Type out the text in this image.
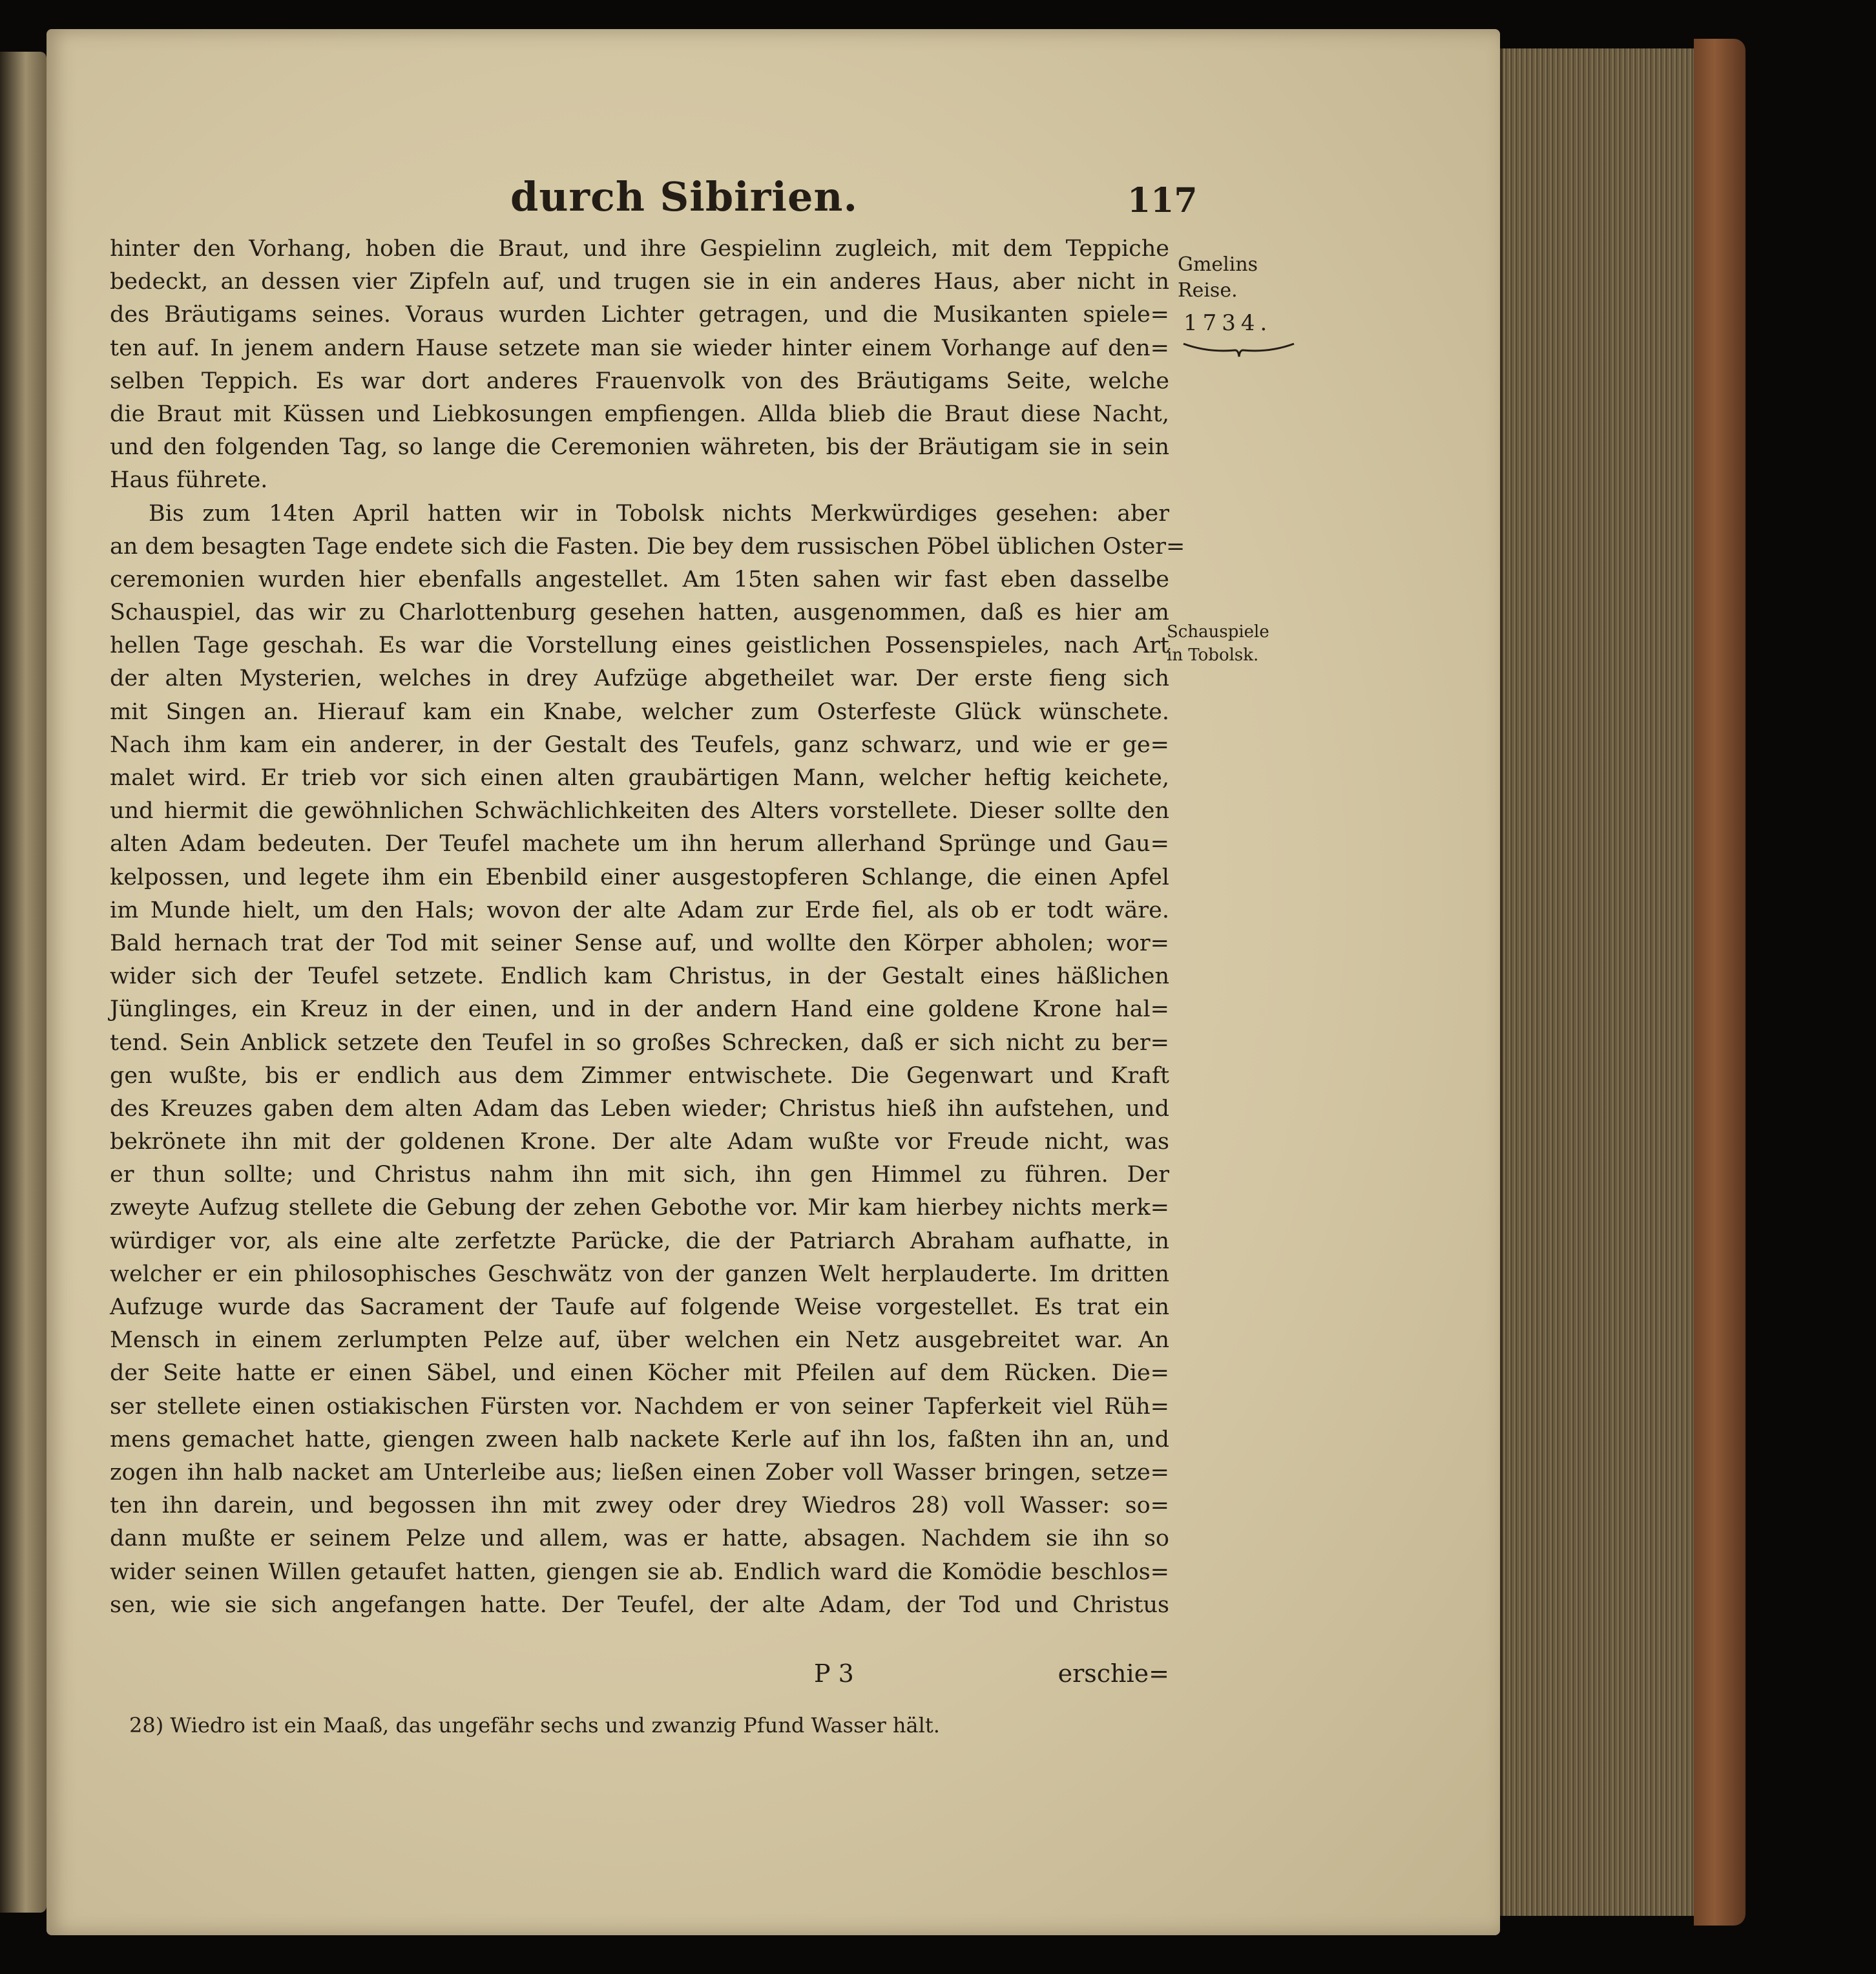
durch Sibirien.	117
Gmelins
Reise.
1734.
Schauspiele
in Tobolsk.
hinter den Vorhang, hoben die Braut, und ihre Gespielinn zugleich, mit dem Teppiche
bedeckt, an dessen vier Zipfeln auf, und trugen sie in ein anderes Haus, aber nicht in
des Bräutigams seines. Voraus wurden Lichter getragen, und die Musikanten spiele=
ten auf. In jenem andern Hause setzete man sie wieder hinter einem Vorhange auf den=
selben Teppich. Es war dort anderes Frauenvolk von des Bräutigams Seite, welche
die Braut mit Küssen und Liebkosungen empfiengen. Allda blieb die Braut diese Nacht,
und den folgenden Tag, so lange die Ceremonien währeten, bis der Bräutigam sie in sein
Haus führete.
Bis zum 14ten April hatten wir in Tobolsk nichts Merkwürdiges gesehen: aber
an dem besagten Tage endete sich die Fasten. Die bey dem russischen Pöbel üblichen Oster=
ceremonien wurden hier ebenfalls angestellet. Am 15ten sahen wir fast eben dasselbe
Schauspiel, das wir zu Charlottenburg gesehen hatten, ausgenommen, daß es hier am
hellen Tage geschah. Es war die Vorstellung eines geistlichen Possenspieles, nach Art
der alten Mysterien, welches in drey Aufzüge abgetheilet war. Der erste fieng sich
mit Singen an. Hierauf kam ein Knabe, welcher zum Osterfeste Glück wünschete.
Nach ihm kam ein anderer, in der Gestalt des Teufels, ganz schwarz, und wie er ge=
malet wird. Er trieb vor sich einen alten graubärtigen Mann, welcher heftig keichete,
und hiermit die gewöhnlichen Schwächlichkeiten des Alters vorstellete. Dieser sollte den
alten Adam bedeuten. Der Teufel machete um ihn herum allerhand Sprünge und Gau=
kelpossen, und legete ihm ein Ebenbild einer ausgestopferen Schlange, die einen Apfel
im Munde hielt, um den Hals; wovon der alte Adam zur Erde fiel, als ob er todt wäre.
Bald hernach trat der Tod mit seiner Sense auf, und wollte den Körper abholen; wor=
wider sich der Teufel setzete. Endlich kam Christus, in der Gestalt eines häßlichen
Jünglinges, ein Kreuz in der einen, und in der andern Hand eine goldene Krone hal=
tend. Sein Anblick setzete den Teufel in so großes Schrecken, daß er sich nicht zu ber=
gen wußte, bis er endlich aus dem Zimmer entwischete. Die Gegenwart und Kraft
des Kreuzes gaben dem alten Adam das Leben wieder; Christus hieß ihn aufstehen, und
bekrönete ihn mit der goldenen Krone. Der alte Adam wußte vor Freude nicht, was
er thun sollte; und Christus nahm ihn mit sich, ihn gen Himmel zu führen. Der
zweyte Aufzug stellete die Gebung der zehen Gebothe vor. Mir kam hierbey nichts merk=
würdiger vor, als eine alte zerfetzte Parücke, die der Patriarch Abraham aufhatte, in
welcher er ein philosophisches Geschwätz von der ganzen Welt herplauderte. Im dritten
Aufzuge wurde das Sacrament der Taufe auf folgende Weise vorgestellet. Es trat ein
Mensch in einem zerlumpten Pelze auf, über welchen ein Netz ausgebreitet war. An
der Seite hatte er einen Säbel, und einen Köcher mit Pfeilen auf dem Rücken. Die=
ser stellete einen ostiakischen Fürsten vor. Nachdem er von seiner Tapferkeit viel Rüh=
mens gemachet hatte, giengen zween halb nackete Kerle auf ihn los, faßten ihn an, und
zogen ihn halb nacket am Unterleibe aus; ließen einen Zober voll Wasser bringen, setze=
ten ihn darein, und begossen ihn mit zwey oder drey Wiedros 28) voll Wasser: so=
dann mußte er seinem Pelze und allem, was er hatte, absagen. Nachdem sie ihn so
wider seinen Willen getaufet hatten, giengen sie ab. Endlich ward die Komödie beschlos=
sen, wie sie sich angefangen hatte. Der Teufel, der alte Adam, der Tod und Christus
P 3	erschie=
28) Wiedro ist ein Maaß, das ungefähr sechs und zwanzig Pfund Wasser hält.
